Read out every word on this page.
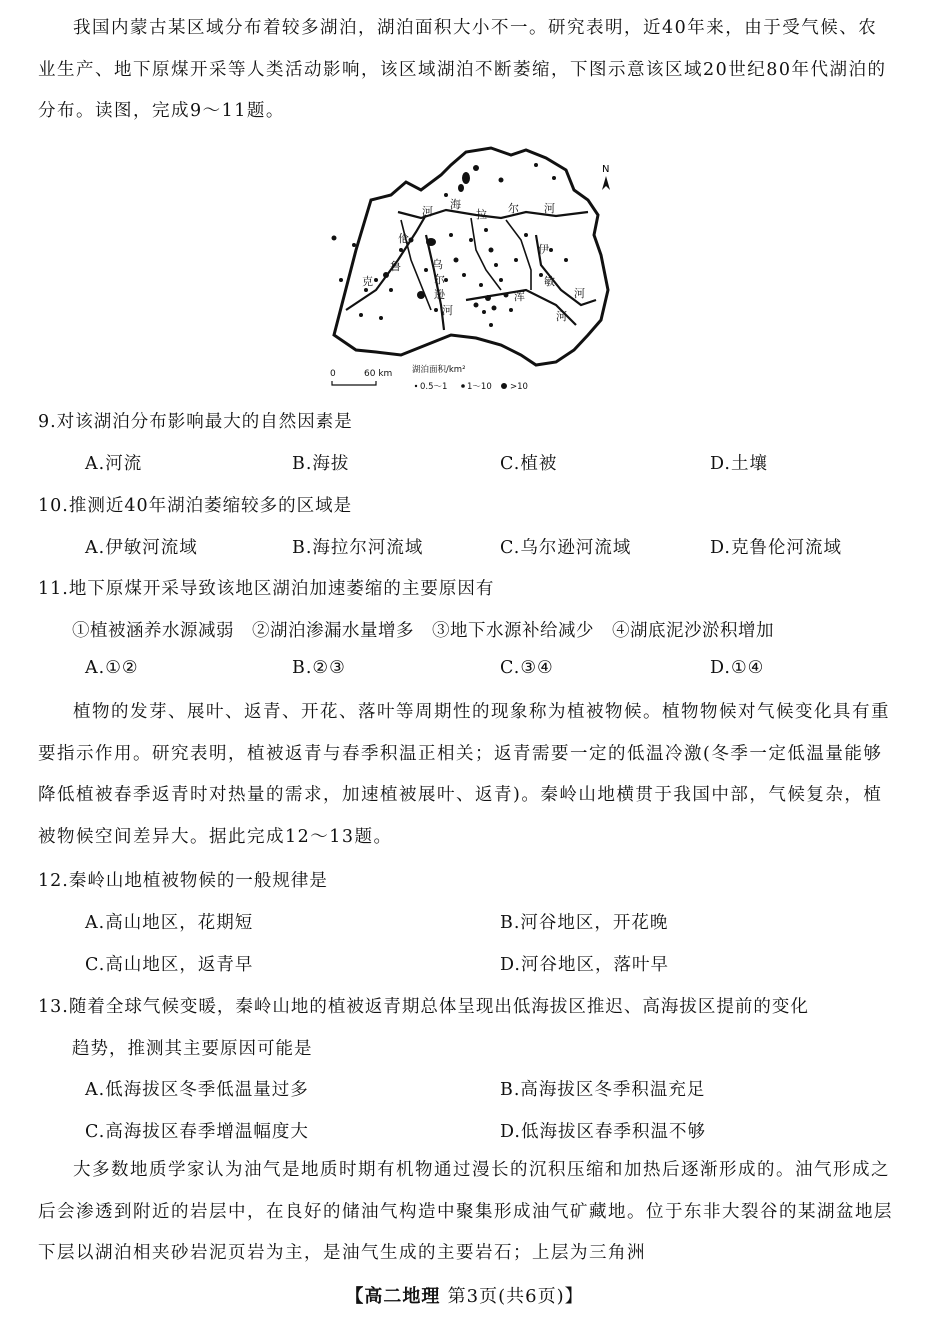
我国内蒙古某区域分布着较多湖泊，湖泊面积大小不一。研究表明，近40年来，由于受气候、农业生产、地下原煤开采等人类活动影响，该区域湖泊不断萎缩，下图示意该区域20世纪80年代湖泊的分布。读图，完成9～11题。
N
河
海
拉 尔 河
伦
鲁
克
乌
尔
逊
河
伊
敏
河
浑
河
0	60 km 湖泊面积/km²
0.5～1 1～10 >10
9.对该湖泊分布影响最大的自然因素是
A.河流	B.海拔	C.植被	D.土壤
10.推测近40年湖泊萎缩较多的区域是
A.伊敏河流域	B.海拉尔河流域	C.乌尔逊河流域	D.克鲁伦河流域
11.地下原煤开采导致该地区湖泊加速萎缩的主要原因有
①植被涵养水源减弱　②湖泊渗漏水量增多　③地下水源补给减少　④湖底泥沙淤积增加
A.①②	B.②③	C.③④	D.①④
植物的发芽、展叶、返青、开花、落叶等周期性的现象称为植被物候。植物物候对气候变化具有重要指示作用。研究表明，植被返青与春季积温正相关；返青需要一定的低温冷激(冬季一定低温量能够降低植被春季返青时对热量的需求，加速植被展叶、返青)。秦岭山地横贯于我国中部，气候复杂，植被物候空间差异大。据此完成12～13题。
12.秦岭山地植被物候的一般规律是
A.高山地区，花期短	B.河谷地区，开花晚
C.高山地区，返青早	D.河谷地区，落叶早
13.随着全球气候变暖，秦岭山地的植被返青期总体呈现出低海拔区推迟、高海拔区提前的变化
趋势，推测其主要原因可能是
A.低海拔区冬季低温量过多	B.高海拔区冬季积温充足
C.高海拔区春季增温幅度大	D.低海拔区春季积温不够
大多数地质学家认为油气是地质时期有机物通过漫长的沉积压缩和加热后逐渐形成的。油气形成之后会渗透到附近的岩层中，在良好的储油气构造中聚集形成油气矿藏地。位于东非大裂谷的某湖盆地层下层以湖泊相夹砂岩泥页岩为主，是油气生成的主要岩石；上层为三角洲
【高二地理 第3页(共6页)】
